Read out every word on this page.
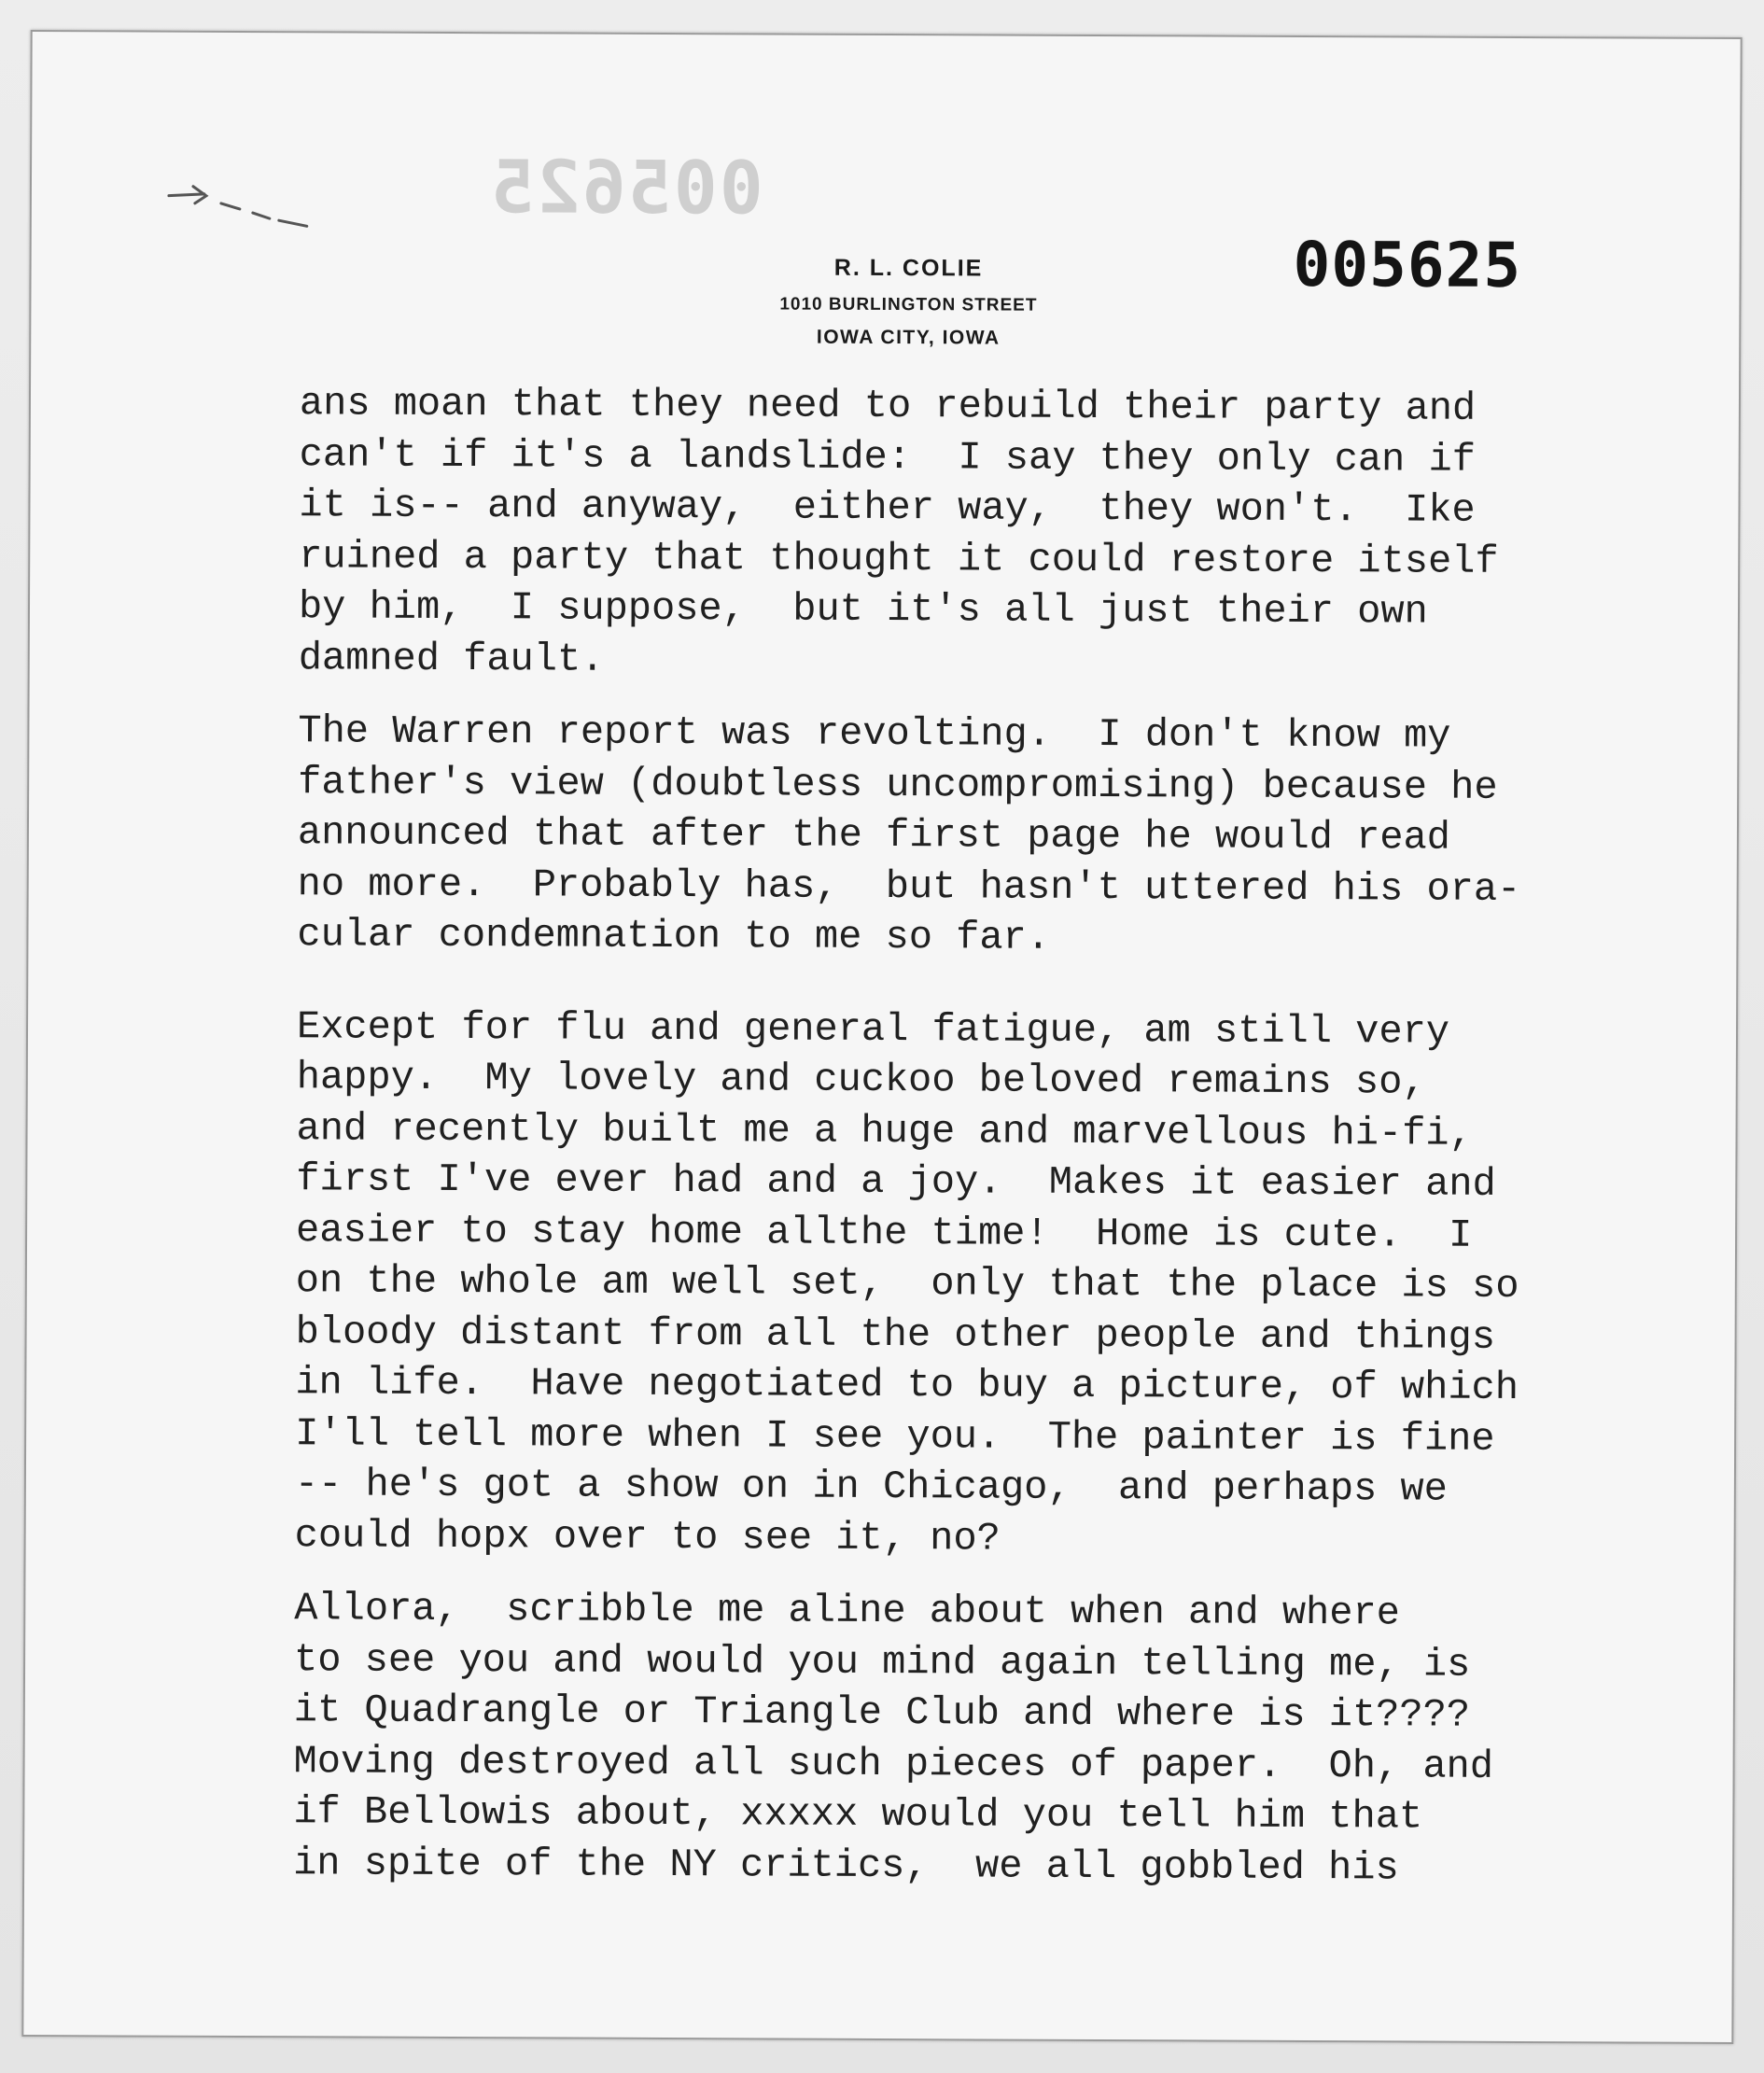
005625
R. L. COLIE
1010 BURLINGTON STREET
IOWA CITY, IOWA
005625
ans moan that they need to rebuild their party and
can't if it's a landslide:  I say they only can if
it is-- and anyway,  either way,  they won't.  Ike
ruined a party that thought it could restore itself
by him,  I suppose,  but it's all just their own
damned fault.
The Warren report was revolting.  I don't know my
father's view (doubtless uncompromising) because he
announced that after the first page he would read
no more.  Probably has,  but hasn't uttered his ora-
cular condemnation to me so far.
Except for flu and general fatigue, am still very
happy.  My lovely and cuckoo beloved remains so,
and recently built me a huge and marvellous hi-fi,
first I've ever had and a joy.  Makes it easier and
easier to stay home allthe time!  Home is cute.  I
on the whole am well set,  only that the place is so
bloody distant from all the other people and things
in life.  Have negotiated to buy a picture, of which
I'll tell more when I see you.  The painter is fine
-- he's got a show on in Chicago,  and perhaps we
could hopx over to see it, no?
Allora,  scribble me aline about when and where
to see you and would you mind again telling me, is
it Quadrangle or Triangle Club and where is it????
Moving destroyed all such pieces of paper.  Oh, and
if Bellowis about, xxxxx would you tell him that
in spite of the NY critics,  we all gobbled his
